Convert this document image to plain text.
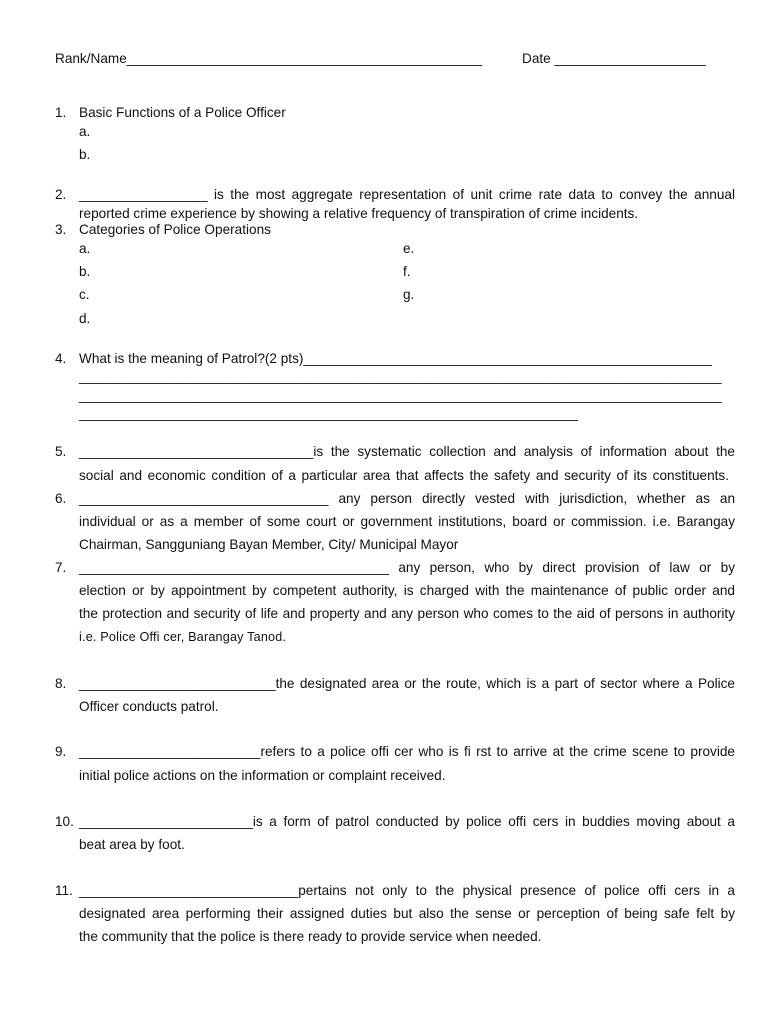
Rank/Name_______________________________________________	Date ____________________
1. Basic Functions of a Police Officer
a.
b.
2. _________________ is the most aggregate representation of unit crime rate data to convey the annual
reported crime experience by showing a relative frequency of transpiration of crime incidents.
3. Categories of Police Operations
a.
b.
c.
d.
e.
f.
g.
4. What is the meaning of Patrol?(2 pts)______________________________________________________
_____________________________________________________________________________________
_____________________________________________________________________________________
__________________________________________________________________
5. _______________________________is the systematic collection and analysis of information about the
social and economic condition of a particular area that affects the safety and security of its constituents.
6. _________________________________ any person directly vested with jurisdiction, whether as an
individual or as a member of some court or government institutions, board or commission. i.e. Barangay
Chairman, Sangguniang Bayan Member, City/ Municipal Mayor
7. _________________________________________ any person, who by direct provision of law or by
election or by appointment by competent authority, is charged with the maintenance of public order and
the protection and security of life and property and any person who comes to the aid of persons in authority
i.e. Police Offi cer, Barangay Tanod.
8. __________________________the designated area or the route, which is a part of sector where a Police
Officer conducts patrol.
9. ________________________refers to a police offi cer who is fi rst to arrive at the crime scene to provide
initial police actions on the information or complaint received.
10. _______________________is a form of patrol conducted by police offi cers in buddies moving about a
beat area by foot.
11. _____________________________pertains not only to the physical presence of police offi cers in a
designated area performing their assigned duties but also the sense or perception of being safe felt by
the community that the police is there ready to provide service when needed.
